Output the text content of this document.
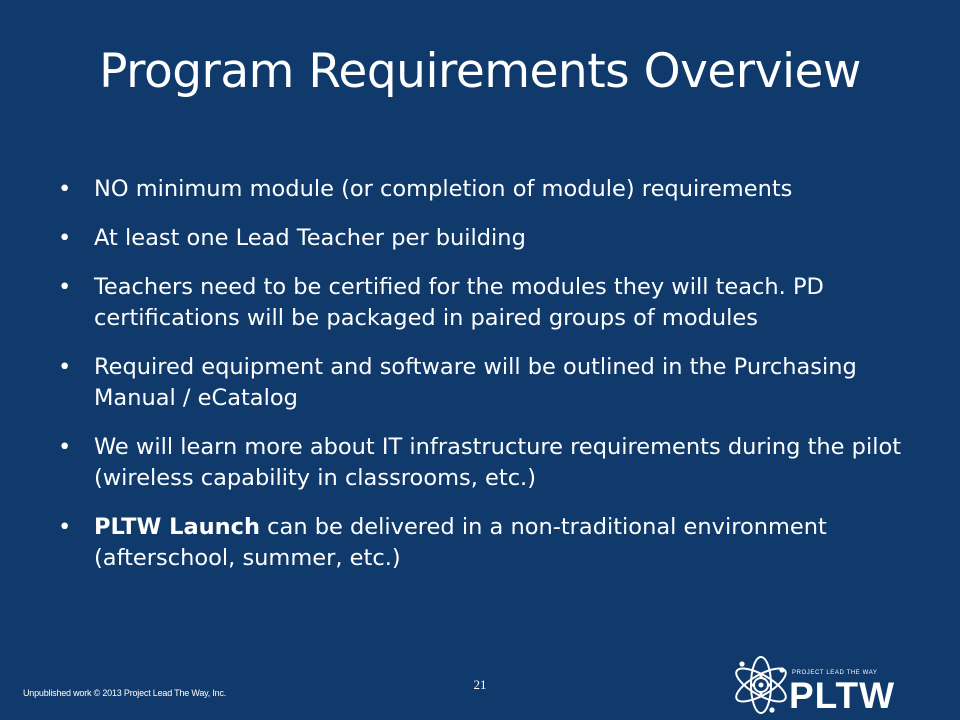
Program Requirements Overview
• NO minimum module (or completion of module) requirements
• At least one Lead Teacher per building
• Teachers need to be certified for the modules they will teach. PD certifications will be packaged in paired groups of modules
• Required equipment and software will be outlined in the Purchasing Manual / eCatalog
• We will learn more about IT infrastructure requirements during the pilot (wireless capability in classrooms, etc.)
• PLTW Launch can be delivered in a non-traditional environment (afterschool, summer, etc.)
Unpublished work © 2013 Project Lead The Way, Inc.
21
PROJECT LEAD THE WAY
PLTW
